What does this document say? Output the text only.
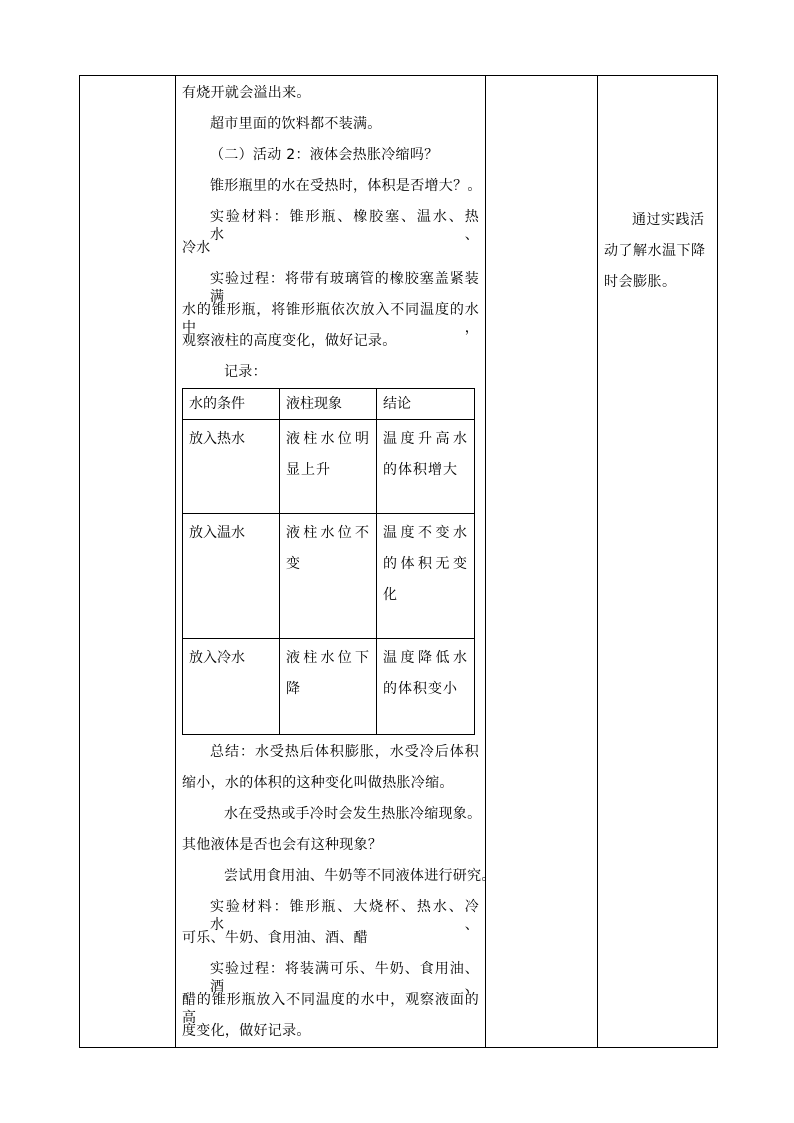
有烧开就会溢出来。
超市里面的饮料都不装满。
（二）活动 2：液体会热胀冷缩吗？
锥形瓶里的水在受热时，体积是否增大？。
实验材料：锥形瓶、橡胶塞、温水、热水、
冷水
实验过程：将带有玻璃管的橡胶塞盖紧装满
水的锥形瓶，将锥形瓶依次放入不同温度的水中，
观察液柱的高度变化，做好记录。
记录：
水的条件	液柱现象	结论
放入热水	液柱水位明显上升	温度升高水的体积增大
放入温水	液柱水位不变	温度不变水的体积无变化
放入冷水	液柱水位下降	温度降低水的体积变小
总结：水受热后体积膨胀，水受冷后体积
缩小，水的体积的这种变化叫做热胀冷缩。
水在受热或手冷时会发生热胀冷缩现象。
其他液体是否也会有这种现象？
尝试用食用油、牛奶等不同液体进行研究。
实验材料：锥形瓶、大烧杯、热水、冷水、
可乐、牛奶、食用油、酒、醋
实验过程：将装满可乐、牛奶、食用油、酒、
醋的锥形瓶放入不同温度的水中，观察液面的高
度变化，做好记录。

通过实践活动了解水温下降时会膨胀。
